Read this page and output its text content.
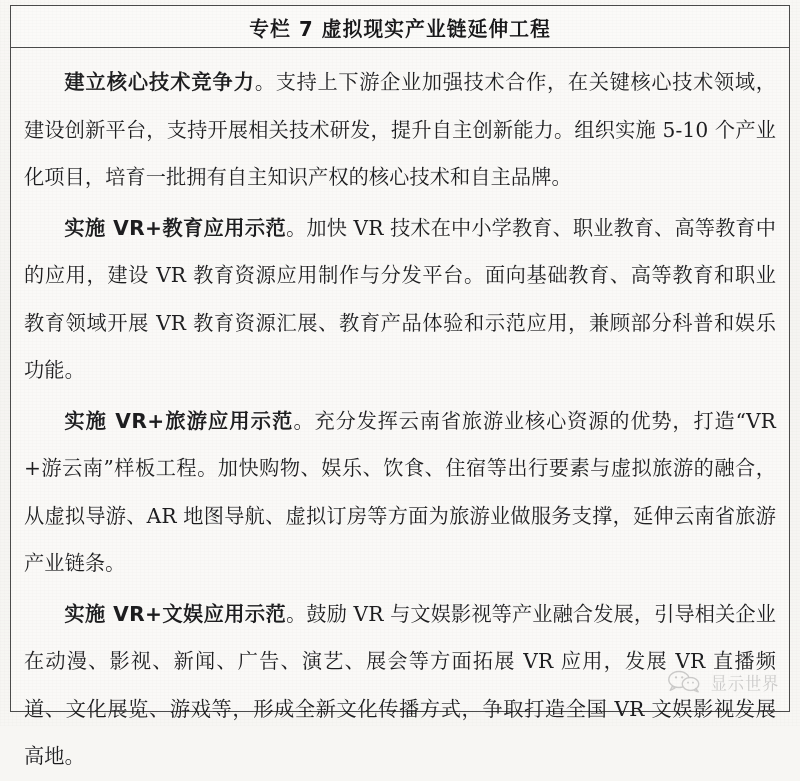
专栏 7 虚拟现实产业链延伸工程

建立核心技术竞争力。支持上下游企业加强技术合作，在关键核心技术领域，建设创新平台，支持开展相关技术研发，提升自主创新能力。组织实施 5-10 个产业化项目，培育一批拥有自主知识产权的核心技术和自主品牌。

实施 VR+教育应用示范。加快 VR 技术在中小学教育、职业教育、高等教育中的应用，建设 VR 教育资源应用制作与分发平台。面向基础教育、高等教育和职业教育领域开展 VR 教育资源汇展、教育产品体验和示范应用，兼顾部分科普和娱乐功能。

实施 VR+旅游应用示范。充分发挥云南省旅游业核心资源的优势，打造“VR+游云南”样板工程。加快购物、娱乐、饮食、住宿等出行要素与虚拟旅游的融合，从虚拟导游、AR 地图导航、虚拟订房等方面为旅游业做服务支撑，延伸云南省旅游产业链条。

实施 VR+文娱应用示范。鼓励 VR 与文娱影视等产业融合发展，引导相关企业在动漫、影视、新闻、广告、演艺、展会等方面拓展 VR 应用，发展 VR 直播频道、文化展览、游戏等，形成全新文化传播方式，争取打造全国 VR 文娱影视发展高地。

显示世界
